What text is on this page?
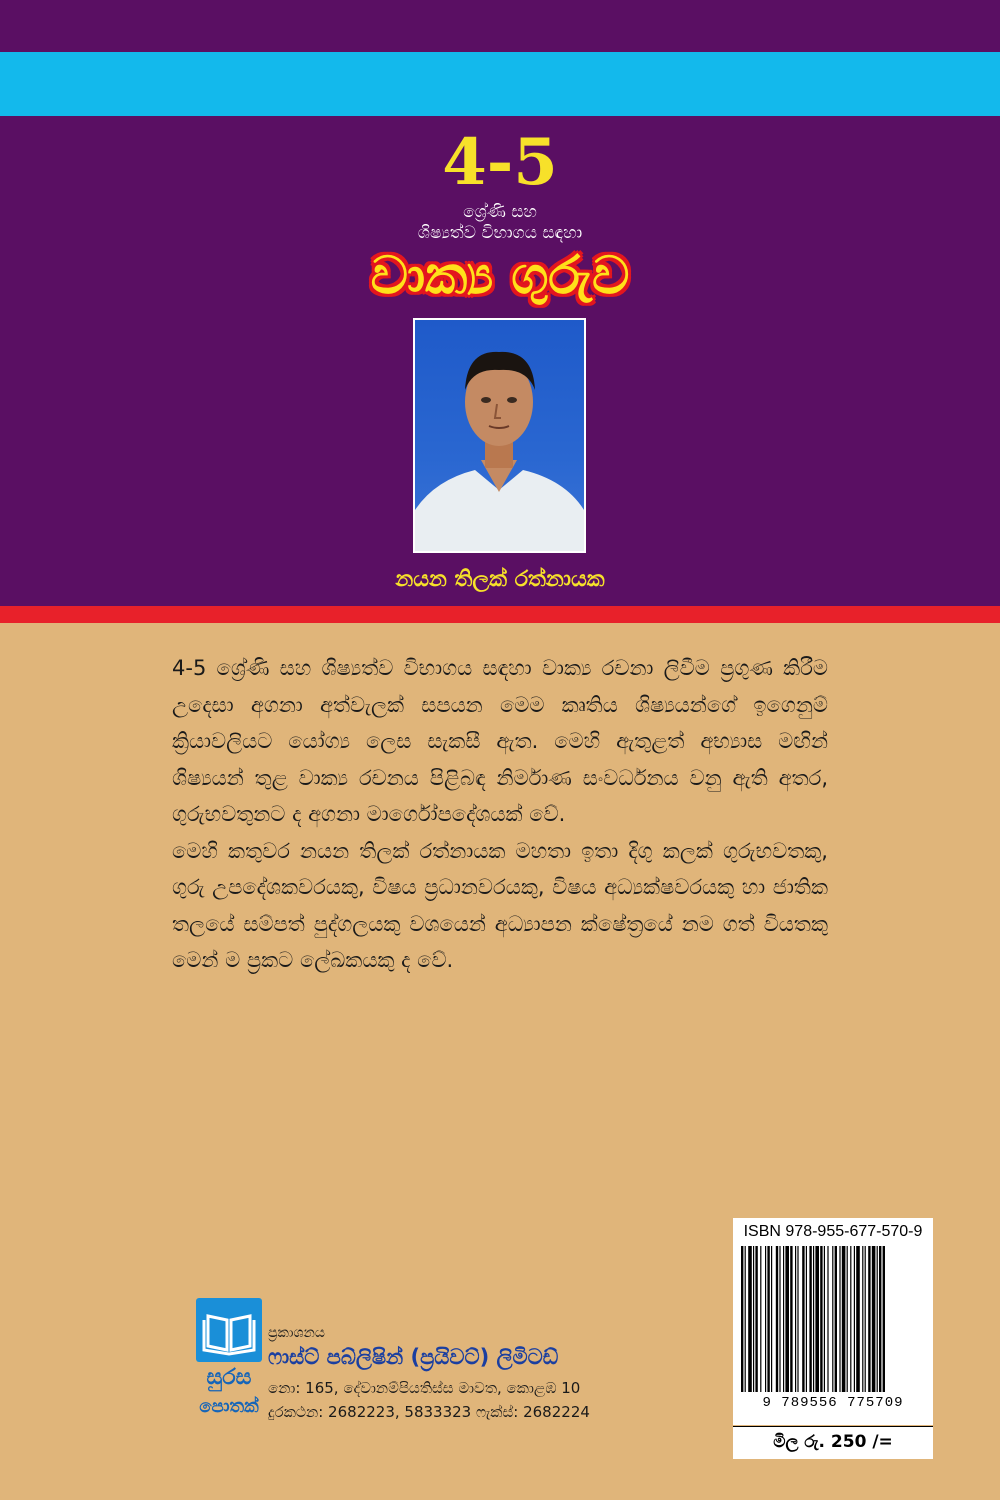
4-5
ශ්‍රේණි සහ
ශිෂ්‍යත්ව විභාගය සඳහා
වාක්‍ය ගුරුව
නයන තිලක් රත්නායක

4-5 ශ්‍රේණි සහ ශිෂ්‍යත්ව විභාගය සඳහා වාක්‍ය රචනා ලිවීම ප්‍රගුණ කිරීම උදෙසා අගනා අත්වැලක් සපයන මෙම කෘතිය ශිෂ්‍යයන්ගේ ඉගෙනුම් ක්‍රියාවලියට යෝග්‍ය ලෙස සැකසී ඇත. මෙහි ඇතුළත් අභ්‍යාස මඟින් ශිෂ්‍යයන් තුළ වාක්‍ය රචනය පිළිබඳ නිර්මාණ සංවර්ධනය වනු ඇති අතර, ගුරුභවතුනට ද අගනා මාර්ගෝපදේශයක් වේ.

මෙහි කතුවර නයන තිලක් රත්නායක මහතා ඉතා දිගු කලක් ගුරුභවතකු, ගුරු උපදේශකවරයකු, විෂය ප්‍රධානවරයකු, විෂය අධ්‍යක්ෂවරයකු හා ජාතික තලයේ සම්පත් පුද්ගලයකු වශයෙන් අධ්‍යාපන ක්ෂේත්‍රයේ නම ගත් වියතකු මෙන් ම ප්‍රකට ලේඛකයකු ද වේ.

ISBN 978-955-677-570-9
9 789556 775709
මිල රු. 250 /=
සුරස
පොතක්
ප්‍රකාශනය
ෆාස්ට් පබ්ලිෂින් (ප්‍රයිවට්) ලිමිටඩ්
නො: 165, දේවානම්පියතිස්ස මාවත, කොළඹ 10
දුරකථන: 2682223, 5833323 ෆැක්ස්: 2682224
